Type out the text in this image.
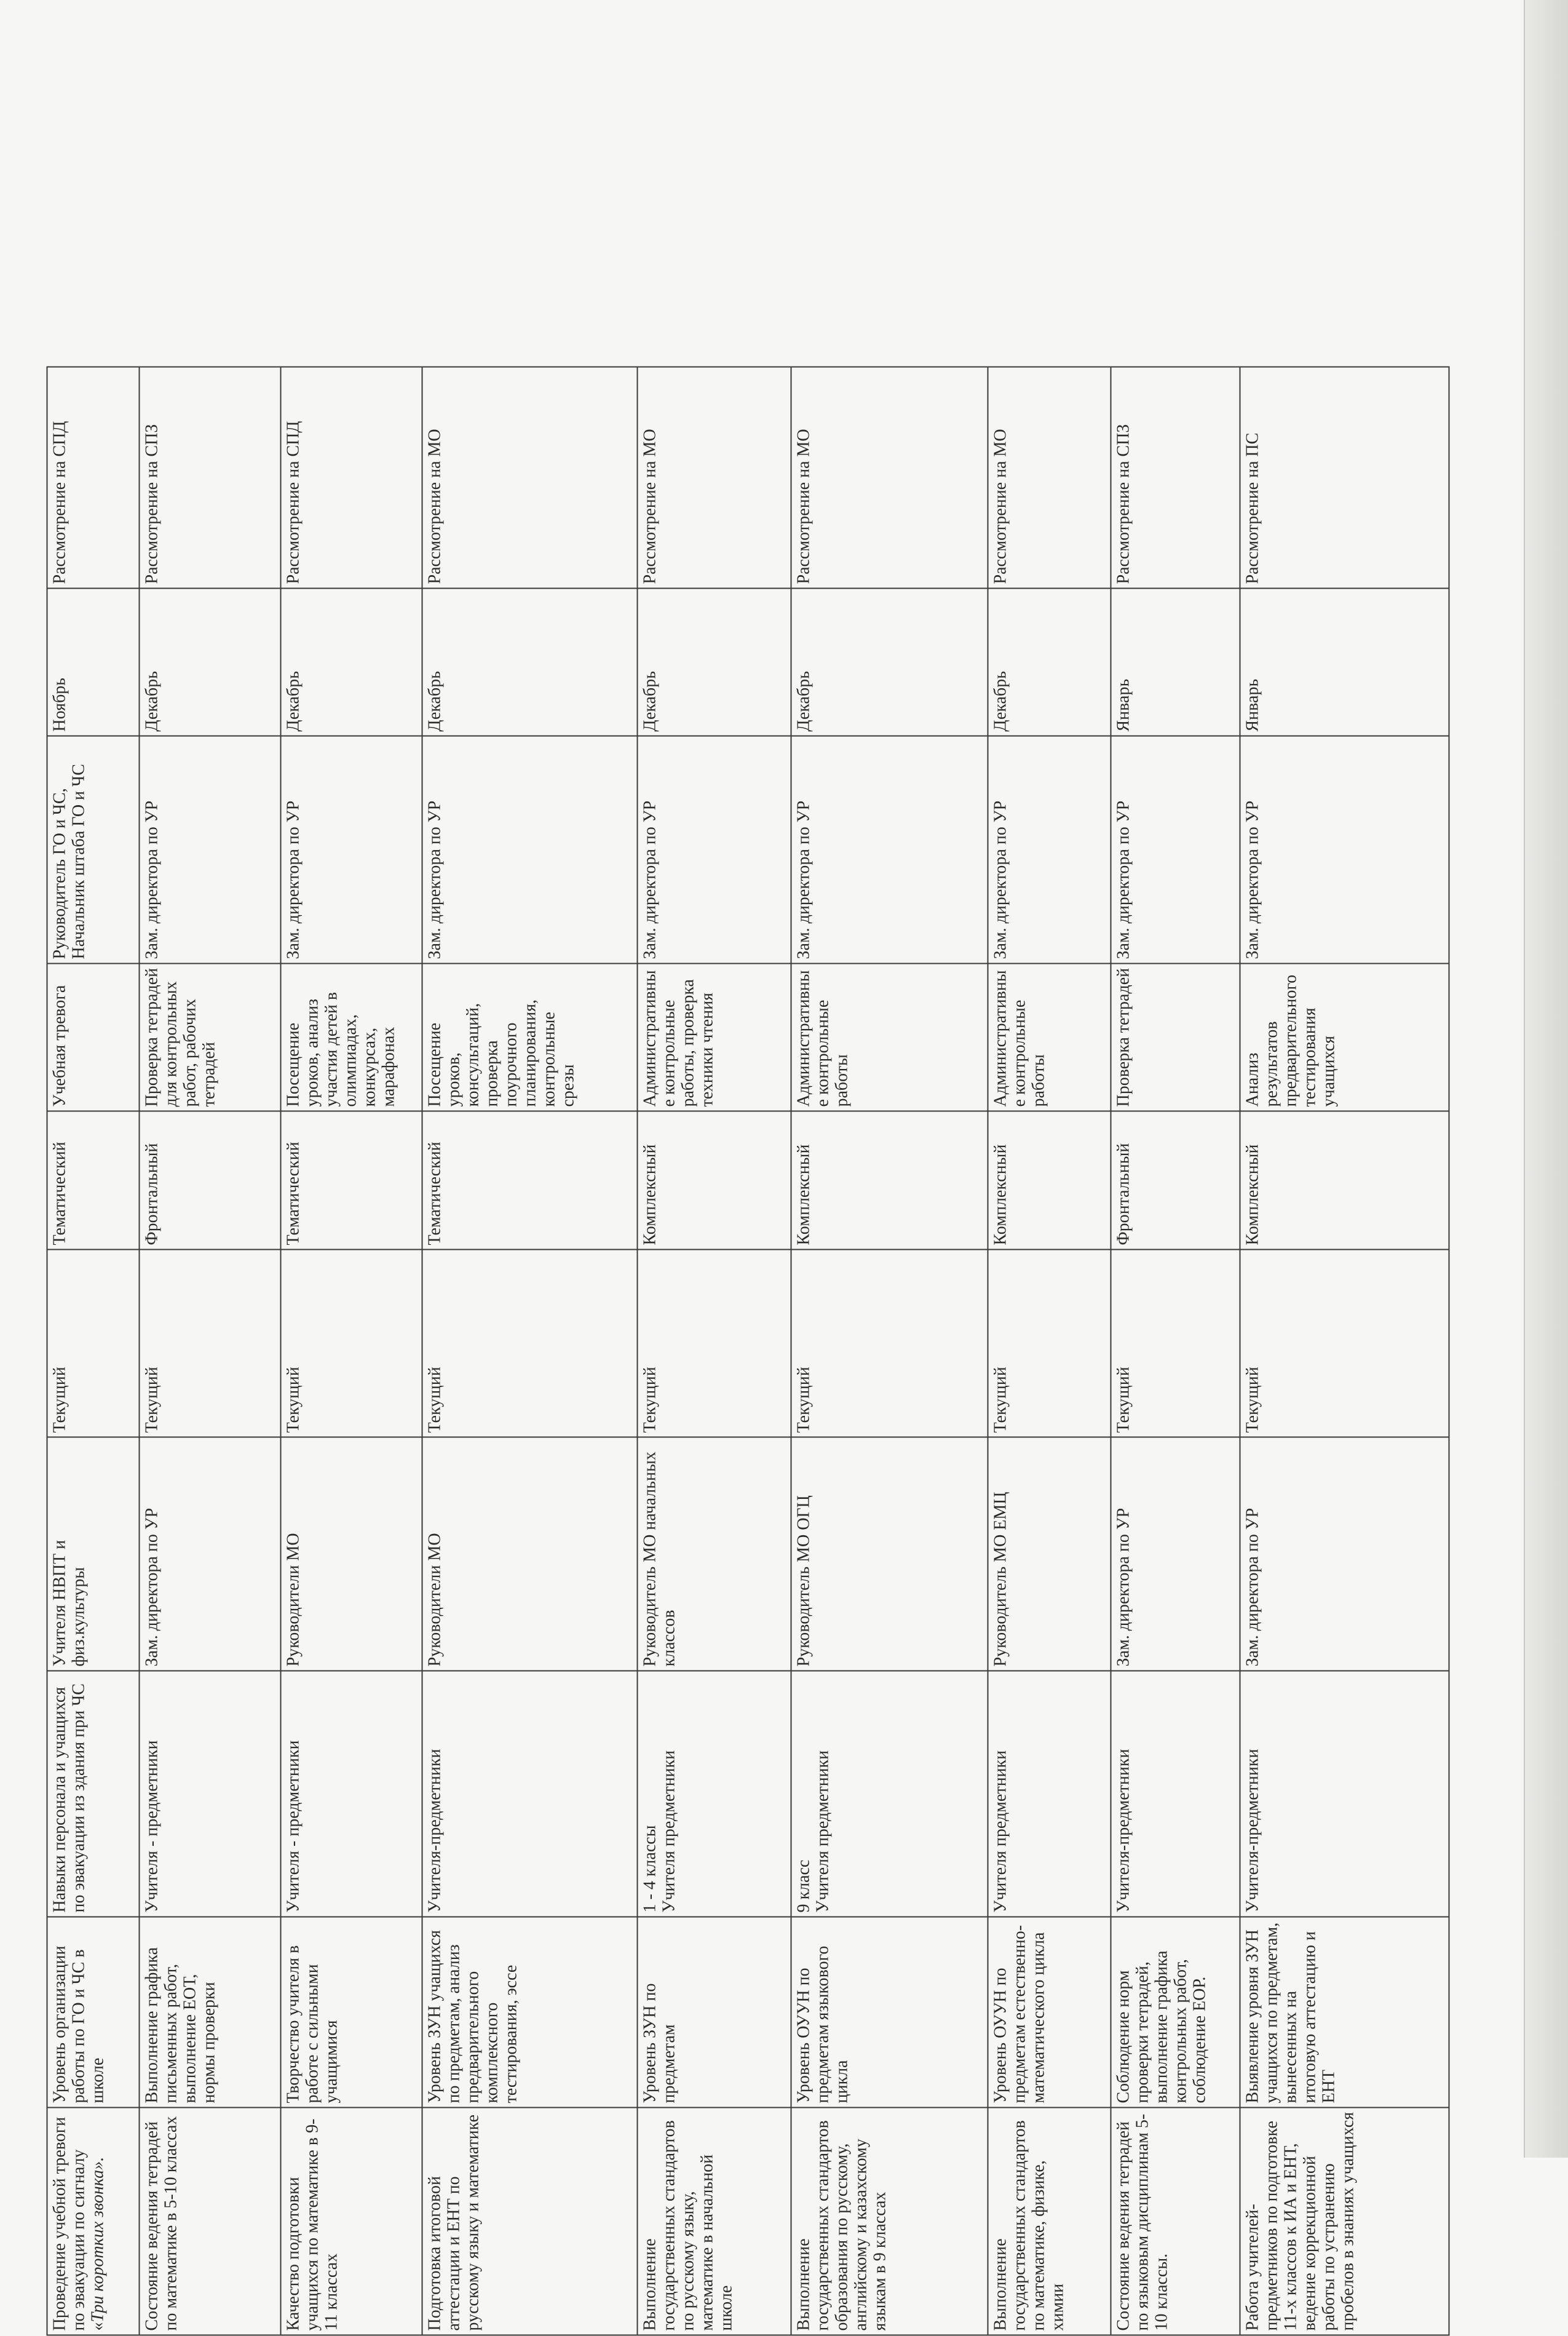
Проведение учебной тревоги по эвакуации по сигналу «Три коротких звонка».	Уровень организации работы по ГО и ЧС в школе	Навыки персонала и учащихся по эвакуации из здания при ЧС	Учителя НВПТ и физ.культуры	Текущий	Тематический	Учебная тревога	Руководитель ГО и ЧС, Начальник штаба ГО и ЧС	Ноябрь	Рассмотрение на СПД
Состояние ведения тетрадей по математике в 5-10 классах	Выполнение графика письменных работ, выполнение ЕОТ, нормы проверки	Учителя - предметники	Зам. директора по УР	Текущий	Фронтальный	Проверка тетрадей для контрольных работ, рабочих тетрадей	Зам. директора по УР	Декабрь	Рассмотрение на СПЗ
Качество подготовки учащихся по математике в 9-11 классах	Творчество учителя в работе с сильными учащимися	Учителя - предметники	Руководители МО	Текущий	Тематический	Посещение уроков, анализ участия детей в олимпиадах, конкурсах, марафонах	Зам. директора по УР	Декабрь	Рассмотрение на СПД
Подготовка итоговой аттестации и ЕНТ по русскому языку и математике	Уровень ЗУН учащихся по предметам, анализ предварительного комплексного тестирования, эссе	Учителя-предметники	Руководители МО	Текущий	Тематический	Посещение уроков, консультаций, проверка поурочного планирования, контрольные срезы	Зам. директора по УР	Декабрь	Рассмотрение на МО
Выполнение государственных стандартов по русскому языку, математике в начальной школе	Уровень ЗУН по предметам	1 - 4 классы Учителя предметники	Руководитель МО начальных классов	Текущий	Комплексный	Административные контрольные работы, проверка техники чтения	Зам. директора по УР	Декабрь	Рассмотрение на МО
Выполнение государственных стандартов образования по русскому, английскому и казахскому языкам в 9 классах	Уровень ОУУН по предметам языкового цикла	9 класс Учителя предметники	Руководитель МО ОГЦ	Текущий	Комплексный	Административные контрольные работы	Зам. директора по УР	Декабрь	Рассмотрение на МО
Выполнение государственных стандартов по математике, физике, химии	Уровень ОУУН по предметам естественно-математического цикла	Учителя предметники	Руководитель МО ЕМЦ	Текущий	Комплексный	Административные контрольные работы	Зам. директора по УР	Декабрь	Рассмотрение на МО
Состояние ведения тетрадей по языковым дисциплинам 5-10 классы.	Соблюдение норм проверки тетрадей, выполнение графика контрольных работ, соблюдение ЕОР.	Учителя-предметники	Зам. директора по УР	Текущий	Фронтальный	Проверка тетрадей	Зам. директора по УР	Январь	Рассмотрение на СПЗ
Работа учителей-предметников по подготовке 11-х классов к ИА и ЕНТ, ведение коррекционной работы по устранению пробелов в знаниях учащихся	Выявление уровня ЗУН учащихся по предметам, вынесенных на итоговую аттестацию и ЕНТ	Учителя-предметники	Зам. директора по УР	Текущий	Комплексный	Анализ результатов предварительного тестирования учащихся	Зам. директора по УР	Январь	Рассмотрение на ПС
